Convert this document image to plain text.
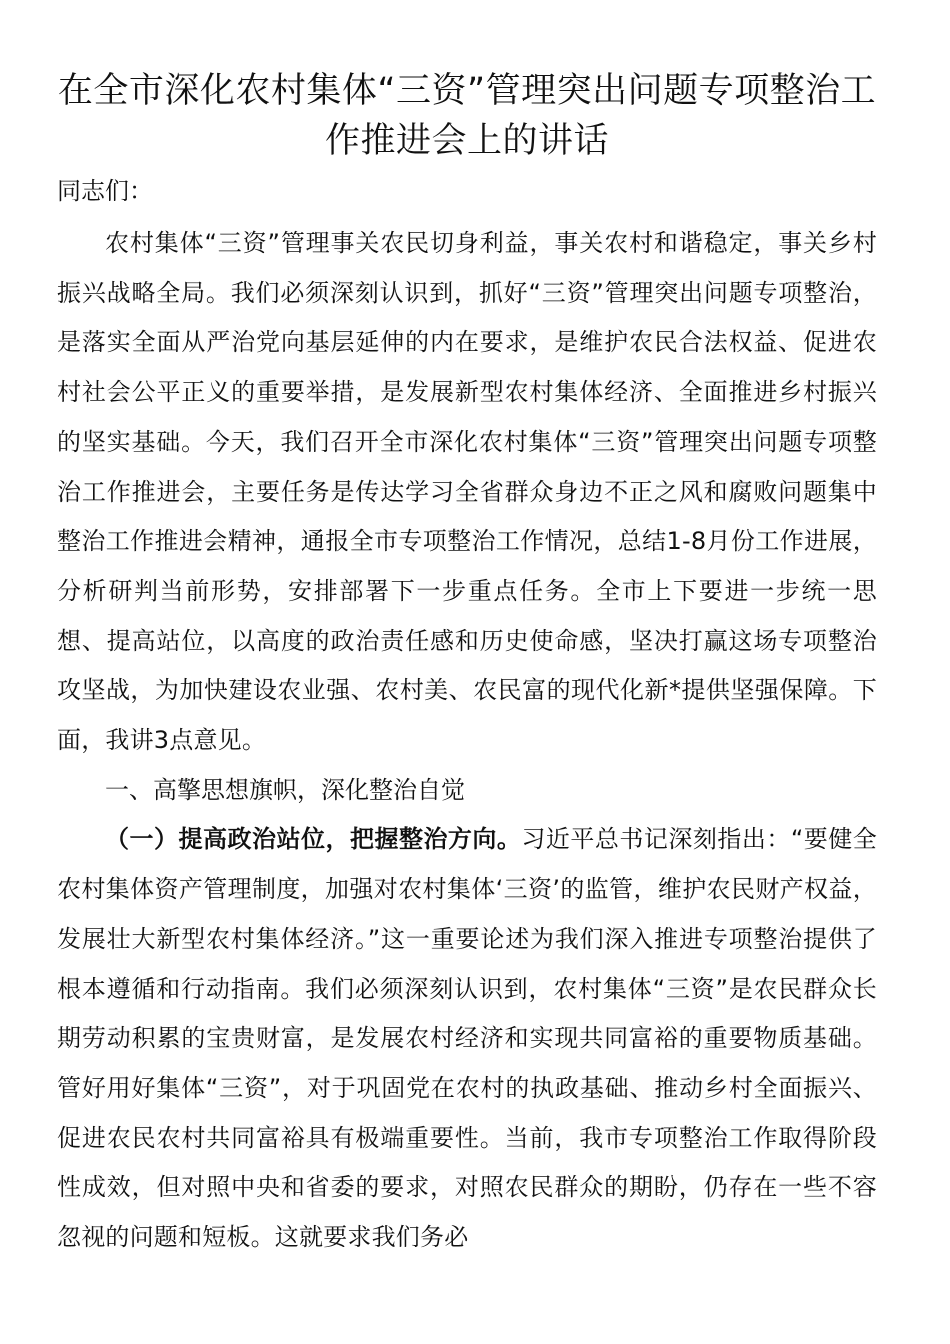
在全市深化农村集体“三资”管理突出问题专项整治工作推进会上的讲话

同志们：

农村集体“三资”管理事关农民切身利益，事关农村和谐稳定，事关乡村振兴战略全局。我们必须深刻认识到，抓好“三资”管理突出问题专项整治，是落实全面从严治党向基层延伸的内在要求，是维护农民合法权益、促进农村社会公平正义的重要举措，是发展新型农村集体经济、全面推进乡村振兴的坚实基础。今天，我们召开全市深化农村集体“三资”管理突出问题专项整治工作推进会，主要任务是传达学习全省群众身边不正之风和腐败问题集中整治工作推进会精神，通报全市专项整治工作情况，总结1-8月份工作进展，分析研判当前形势，安排部署下一步重点任务。全市上下要进一步统一思想、提高站位，以高度的政治责任感和历史使命感，坚决打赢这场专项整治攻坚战，为加快建设农业强、农村美、农民富的现代化新*提供坚强保障。下面，我讲3点意见。

一、高擎思想旗帜，深化整治自觉

（一）提高政治站位，把握整治方向。习近平总书记深刻指出：“要健全农村集体资产管理制度，加强对农村集体‘三资’的监管，维护农民财产权益，发展壮大新型农村集体经济。”这一重要论述为我们深入推进专项整治提供了根本遵循和行动指南。我们必须深刻认识到，农村集体“三资”是农民群众长期劳动积累的宝贵财富，是发展农村经济和实现共同富裕的重要物质基础。管好用好集体“三资”，对于巩固党在农村的执政基础、推动乡村全面振兴、促进农民农村共同富裕具有极端重要性。当前，我市专项整治工作取得阶段性成效，但对照中央和省委的要求，对照农民群众的期盼，仍存在一些不容忽视的问题和短板。这就要求我们务必
